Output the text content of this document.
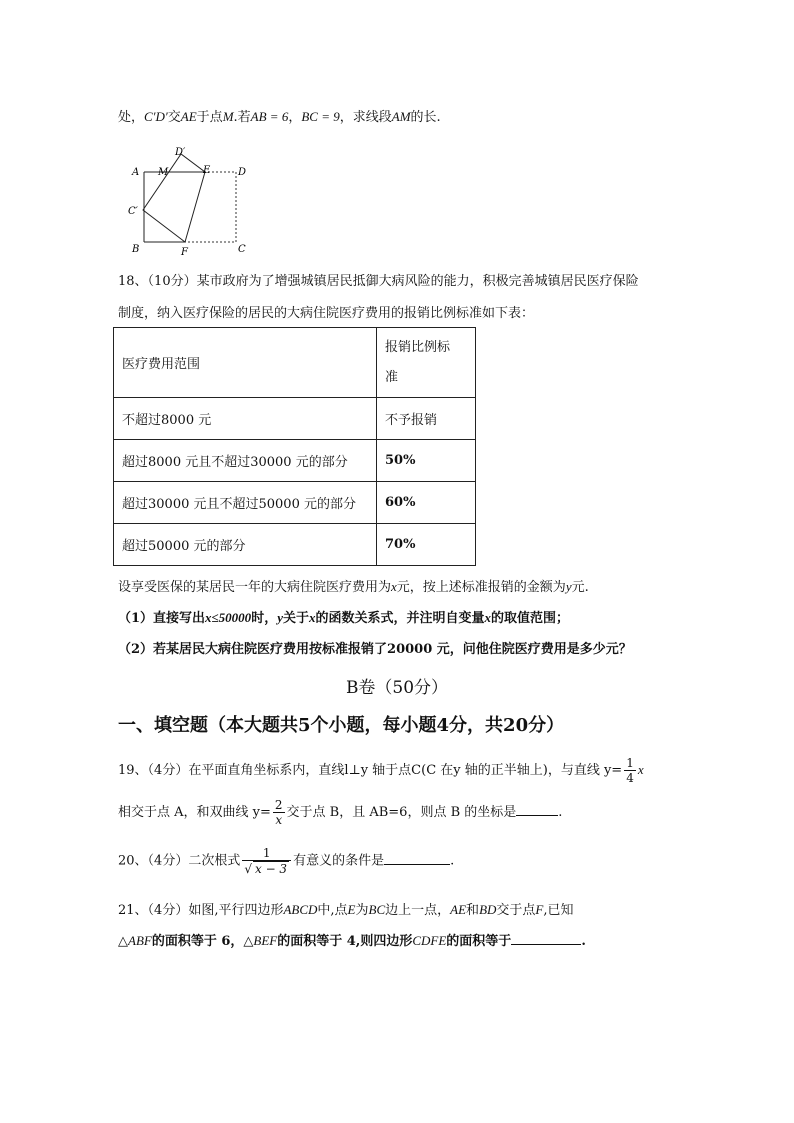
处，C′D′交AE于点M.若AB = 6，BC = 9，求线段AM的长.
A M
D′
E	D
C′
B	F	C
18、（10分）某市政府为了增强城镇居民抵御大病风险的能力，积极完善城镇居民医疗保险
制度，纳入医疗保险的居民的大病住院医疗费用的报销比例标准如下表：
医疗费用范围	报销比例标
准
不超过8000 元	不予报销
超过8000 元且不超过30000 元的部分	50%
超过30000 元且不超过50000 元的部分	60%
超过50000 元的部分	70%
设享受医保的某居民一年的大病住院医疗费用为x元，按上述标准报销的金额为y元.
（1）直接写出x≤50000时，y关于x的函数关系式，并注明自变量x的取值范围；
（2）若某居民大病住院医疗费用按标准报销了20000 元，问他住院医疗费用是多少元？
B卷（50分）
一、填空题（本大题共5个小题，每小题4分，共20分）
19、（4分）在平面直角坐标系内，直线l⊥y 轴于点C(C 在y 轴的正半轴上)，与直线 $y= \frac{1}{4}$ x
相交于点 A，和双曲线 $y= \frac{2}{x}$ 交于点 B，且 AB=6，则点 B 的坐标是	.
20、（4分）二次根式 $\frac{1}{√ x - 3}$ 有意义的条件是	.
21、（4分）如图,平行四边形ABCD中,点E为BC边上一点，AE和BD交于点F,已知
△ABF的面积等于 6，△BEF的面积等于 4,则四边形CDFE的面积等于	.
